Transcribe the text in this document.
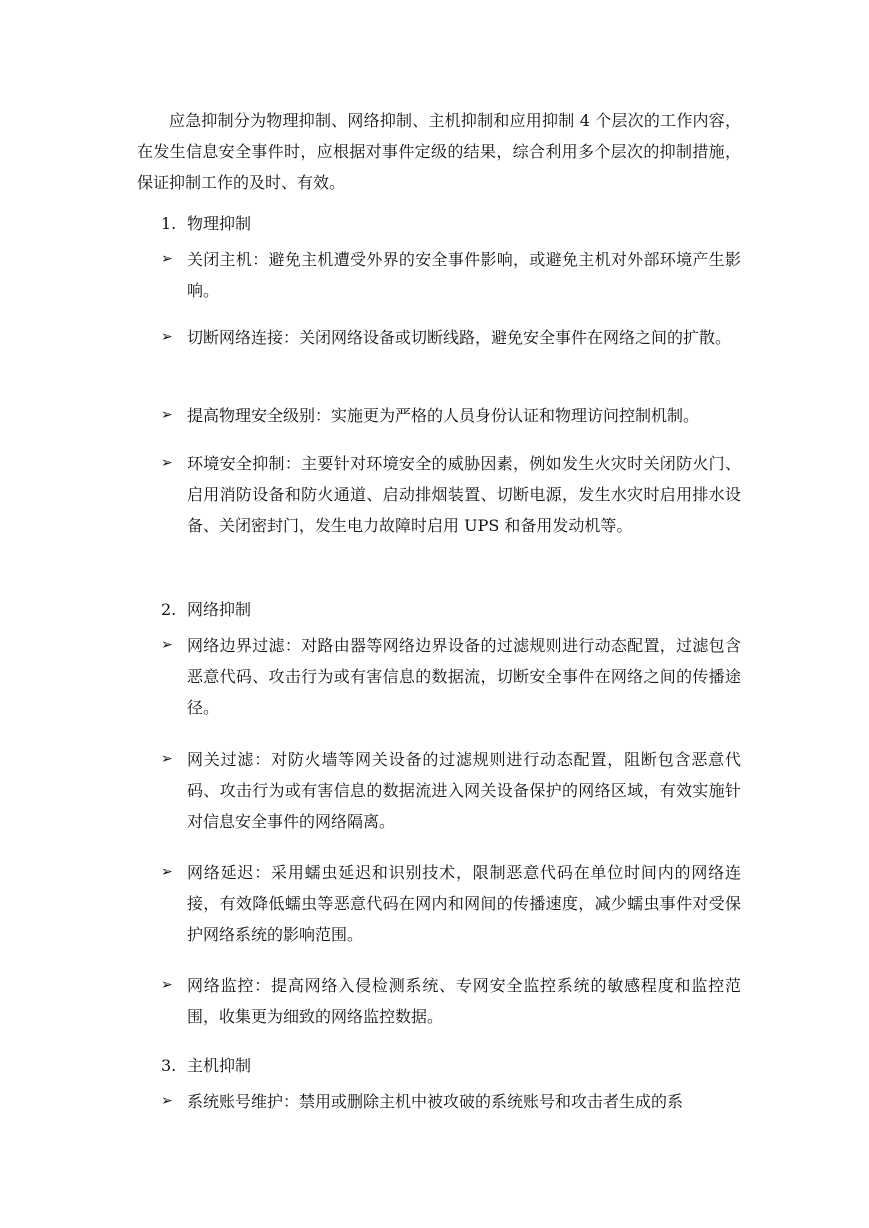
应急抑制分为物理抑制、网络抑制、主机抑制和应用抑制 4 个层次的工作内容，在发生信息安全事件时，应根据对事件定级的结果，综合利用多个层次的抑制措施，保证抑制工作的及时、有效。

1. 物理抑制

➢ 关闭主机：避免主机遭受外界的安全事件影响，或避免主机对外部环境产生影响。
➢ 切断网络连接：关闭网络设备或切断线路，避免安全事件在网络之间的扩散。
➢ 提高物理安全级别：实施更为严格的人员身份认证和物理访问控制机制。
➢ 环境安全抑制：主要针对环境安全的威胁因素，例如发生火灾时关闭防火门、启用消防设备和防火通道、启动排烟装置、切断电源，发生水灾时启用排水设备、关闭密封门，发生电力故障时启用 UPS 和备用发动机等。

2. 网络抑制

➢ 网络边界过滤：对路由器等网络边界设备的过滤规则进行动态配置，过滤包含恶意代码、攻击行为或有害信息的数据流，切断安全事件在网络之间的传播途径。
➢ 网关过滤：对防火墙等网关设备的过滤规则进行动态配置，阻断包含恶意代码、攻击行为或有害信息的数据流进入网关设备保护的网络区域，有效实施针对信息安全事件的网络隔离。
➢ 网络延迟：采用蠕虫延迟和识别技术，限制恶意代码在单位时间内的网络连接，有效降低蠕虫等恶意代码在网内和网间的传播速度，减少蠕虫事件对受保护网络系统的影响范围。
➢ 网络监控：提高网络入侵检测系统、专网安全监控系统的敏感程度和监控范围，收集更为细致的网络监控数据。

3. 主机抑制

➢ 系统账号维护：禁用或删除主机中被攻破的系统账号和攻击者生成的系
